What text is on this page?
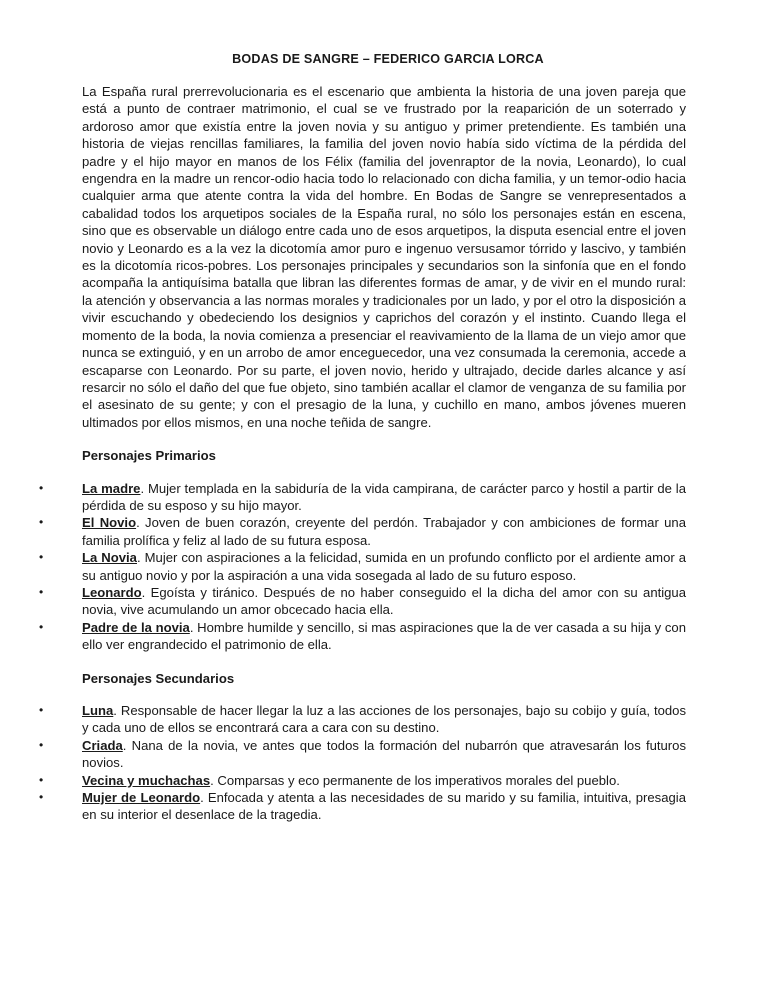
BODAS DE SANGRE – FEDERICO GARCIA LORCA

La España rural prerrevolucionaria es el escenario que ambienta la historia de una joven pareja que está a punto de contraer matrimonio, el cual se ve frustrado por la reaparición de un soterrado y ardoroso amor que existía entre la joven novia y su antiguo y primer pretendiente. Es también una historia de viejas rencillas familiares, la familia del joven novio había sido víctima de la pérdida del padre y el hijo mayor en manos de los Félix (familia del jovenraptor de la novia, Leonardo), lo cual engendra en la madre un rencor-odio hacia todo lo relacionado con dicha familia, y un temor-odio hacia cualquier arma que atente contra la vida del hombre. En Bodas de Sangre se venrepresentados a cabalidad todos los arquetipos sociales de la España rural, no sólo los personajes están en escena, sino que es observable un diálogo entre cada uno de esos arquetipos, la disputa esencial entre el joven novio y Leonardo es a la vez la dicotomía amor puro e ingenuo versusamor tórrido y lascivo, y también es la dicotomía ricos-pobres. Los personajes principales y secundarios son la sinfonía que en el fondo acompaña la antiquísima batalla que libran las diferentes formas de amar, y de vivir en el mundo rural: la atención y observancia a las normas morales y tradicionales por un lado, y por el otro la disposición a vivir escuchando y obedeciendo los designios y caprichos del corazón y el instinto. Cuando llega el momento de la boda, la novia comienza a presenciar el reavivamiento de la llama de un viejo amor que nunca se extinguió, y en un arrobo de amor enceguecedor, una vez consumada la ceremonia, accede a escaparse con Leonardo. Por su parte, el joven novio, herido y ultrajado, decide darles alcance y así resarcir no sólo el daño del que fue objeto, sino también acallar el clamor de venganza de su familia por el asesinato de su gente; y con el presagio de la luna, y cuchillo en mano, ambos jóvenes mueren ultimados por ellos mismos, en una noche teñida de sangre.

Personajes Primarios
•	La madre. Mujer templada en la sabiduría de la vida campirana, de carácter parco y hostil a partir de la pérdida de su esposo y su hijo mayor.
•	El Novio. Joven de buen corazón, creyente del perdón. Trabajador y con ambiciones de formar una familia prolífica y feliz al lado de su futura esposa.
•	La Novia. Mujer con aspiraciones a la felicidad, sumida en un profundo conflicto por el ardiente amor a su antiguo novio y por la aspiración a una vida sosegada al lado de su futuro esposo.
•	Leonardo. Egoísta y tiránico. Después de no haber conseguido el la dicha del amor con su antigua novia, vive acumulando un amor obcecado hacia ella.
•	Padre de la novia. Hombre humilde y sencillo, si mas aspiraciones que la de ver casada a su hija y con ello ver engrandecido el patrimonio de ella.
Personajes Secundarios
•	Luna. Responsable de hacer llegar la luz a las acciones de los personajes, bajo su cobijo y guía, todos y cada uno de ellos se encontrará cara a cara con su destino.
•	Criada. Nana de la novia, ve antes que todos la formación del nubarrón que atravesarán los futuros novios.
•	Vecina y muchachas. Comparsas y eco permanente de los imperativos morales del pueblo.
•	Mujer de Leonardo. Enfocada y atenta a las necesidades de su marido y su familia, intuitiva, presagia en su interior el desenlace de la tragedia.
